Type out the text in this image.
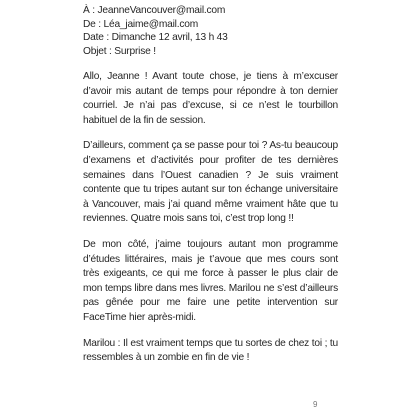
À : JeanneVancouver@mail.com
De : Léa_jaime@mail.com
Date : Dimanche 12 avril, 13 h 43
Objet : Surprise !

Allo, Jeanne ! Avant toute chose, je tiens à m’excuser d’avoir mis autant de temps pour répondre à ton dernier courriel. Je n’ai pas d’excuse, si ce n’est le tourbillon habituel de la fin de session.

D’ailleurs, comment ça se passe pour toi ? As-tu beaucoup d’examens et d’activités pour profiter de tes dernières semaines dans l’Ouest canadien ? Je suis vraiment contente que tu tripes autant sur ton échange universitaire à Vancouver, mais j’ai quand même vraiment hâte que tu reviennes. Quatre mois sans toi, c’est trop long !!

De mon côté, j’aime toujours autant mon programme d’études littéraires, mais je t’avoue que mes cours sont très exigeants, ce qui me force à passer le plus clair de mon temps libre dans mes livres. Marilou ne s’est d’ailleurs pas gênée pour me faire une petite intervention sur FaceTime hier après-midi.

Marilou : Il est vraiment temps que tu sortes de chez toi ; tu ressembles à un zombie en fin de vie !

9
